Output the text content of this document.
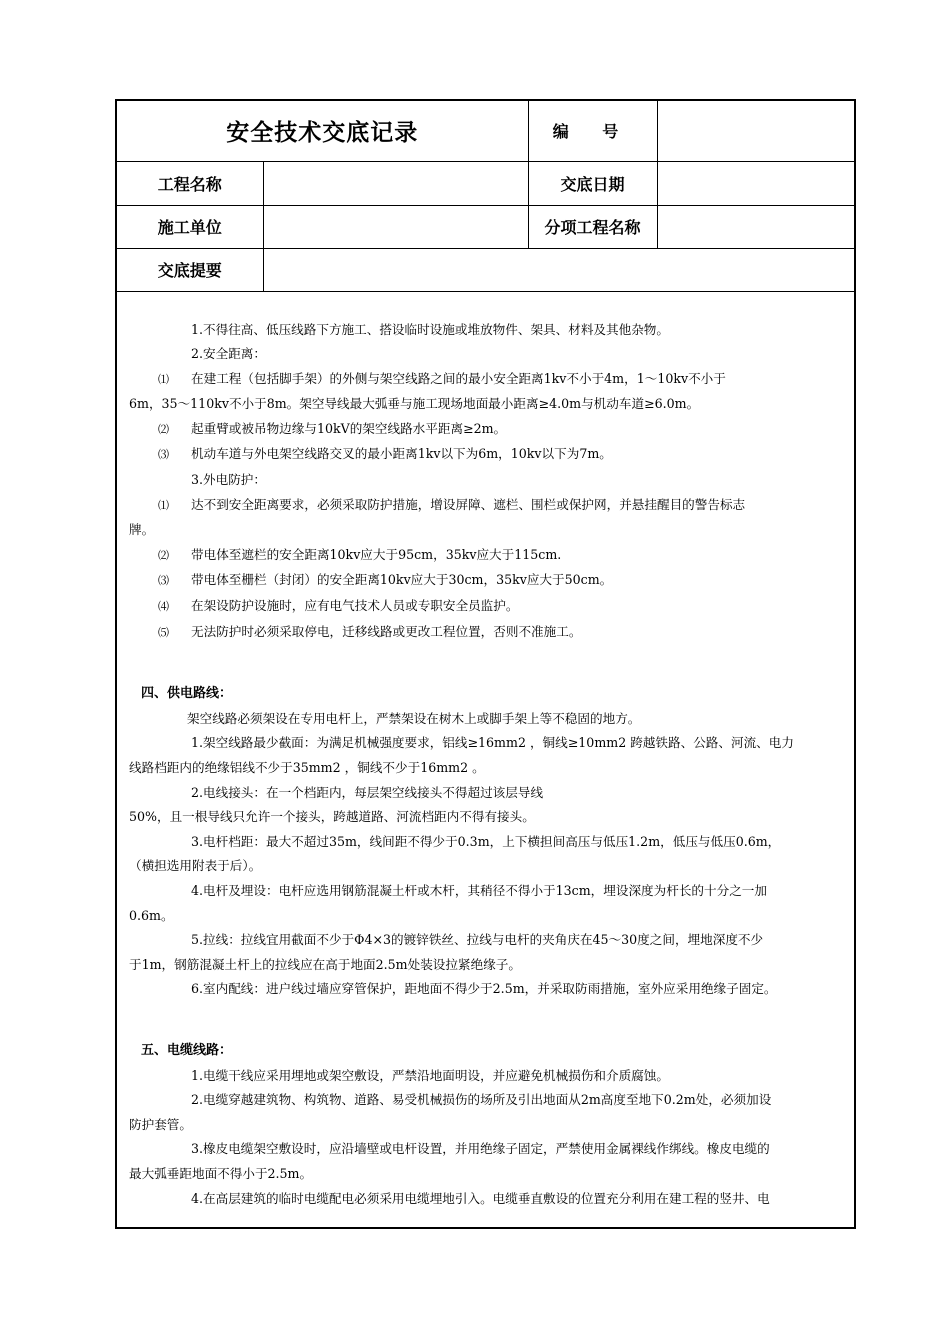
安全技术交底记录		编 号	
工程名称		交底日期	
施工单位		分项工程名称	
交底提要			

1.不得往高、低压线路下方施工、搭设临时设施或堆放物件、架具、材料及其他杂物。

2.安全距离：

⑴ 在建工程（包括脚手架）的外侧与架空线路之间的最小安全距离1kv不小于4m，1～10kv不小于

6m，35～110kv不小于8m。架空导线最大弧垂与施工现场地面最小距离≥4.0m与机动车道≥6.0m。

⑵ 起重臂或被吊物边缘与10kV的架空线路水平距离≥2m。

⑶ 机动车道与外电架空线路交叉的最小距离1kv以下为6m，10kv以下为7m。

3.外电防护：

⑴ 达不到安全距离要求，必须采取防护措施，增设屏障、遮栏、围栏或保护网，并悬挂醒目的警告标志

牌。

⑵ 带电体至遮栏的安全距离10kv应大于95cm，35kv应大于115cm.

⑶ 带电体至栅栏（封闭）的安全距离10kv应大于30cm，35kv应大于50cm。

⑷ 在架设防护设施时，应有电气技术人员或专职安全员监护。

⑸ 无法防护时必须采取停电，迁移线路或更改工程位置，否则不准施工。

四、供电路线：

架空线路必须架设在专用电杆上，严禁架设在树木上或脚手架上等不稳固的地方。

1.架空线路最少截面：为满足机械强度要求，铝线≥16mm2 ，铜线≥10mm2 跨越铁路、公路、河流、电力

线路档距内的绝缘铝线不少于35mm2 ，铜线不少于16mm2 。

2.电线接头：在一个档距内，每层架空线接头不得超过该层导线

50%，且一根导线只允许一个接头，跨越道路、河流档距内不得有接头。

3.电杆档距：最大不超过35m，线间距不得少于0.3m，上下横担间高压与低压1.2m，低压与低压0.6m，

（横担选用附表于后）。

4.电杆及埋设：电杆应选用钢筋混凝土杆或木杆，其稍径不得小于13cm，埋设深度为杆长的十分之一加

0.6m。

5.拉线：拉线宜用截面不少于Φ4×3的镀锌铁丝、拉线与电杆的夹角庆在45～30度之间，埋地深度不少

于1m，钢筋混凝土杆上的拉线应在高于地面2.5m处装设拉紧绝缘子。

6.室内配线：进户线过墙应穿管保护，距地面不得少于2.5m，并采取防雨措施，室外应采用绝缘子固定。

五、电缆线路：

1.电缆干线应采用埋地或架空敷设，严禁沿地面明设，并应避免机械损伤和介质腐蚀。

2.电缆穿越建筑物、构筑物、道路、易受机械损伤的场所及引出地面从2m高度至地下0.2m处，必须加设

防护套管。

3.橡皮电缆架空敷设时，应沿墙壁或电杆设置，并用绝缘子固定，严禁使用金属裸线作绑线。橡皮电缆的

最大弧垂距地面不得小于2.5m。

4.在高层建筑的临时电缆配电必须采用电缆埋地引入。电缆垂直敷设的位置充分利用在建工程的竖井、电
